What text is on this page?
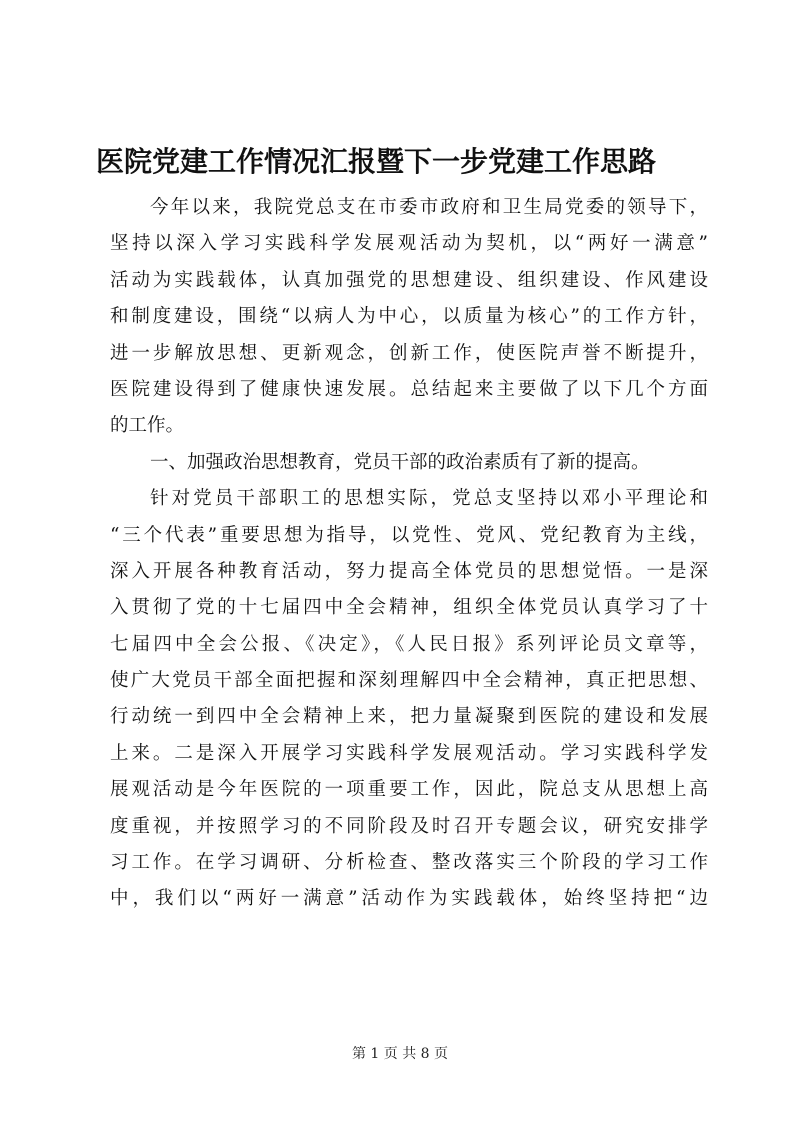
医院党建工作情况汇报暨下一步党建工作思路
今年以来，我院党总支在市委市政府和卫生局党委的领导下，
坚持以深入学习实践科学发展观活动为契机，以“两好一满意”
活动为实践载体，认真加强党的思想建设、组织建设、作风建设
和制度建设，围绕“以病人为中心，以质量为核心”的工作方针，
进一步解放思想、更新观念，创新工作，使医院声誉不断提升，
医院建设得到了健康快速发展。总结起来主要做了以下几个方面
的工作。
一、加强政治思想教育，党员干部的政治素质有了新的提高。
针对党员干部职工的思想实际，党总支坚持以邓小平理论和
“三个代表”重要思想为指导，以党性、党风、党纪教育为主线，
深入开展各种教育活动，努力提高全体党员的思想觉悟。一是深
入贯彻了党的十七届四中全会精神，组织全体党员认真学习了十
七届四中全会公报、《决定》，《人民日报》系列评论员文章等，
使广大党员干部全面把握和深刻理解四中全会精神，真正把思想、
行动统一到四中全会精神上来，把力量凝聚到医院的建设和发展
上来。二是深入开展学习实践科学发展观活动。学习实践科学发
展观活动是今年医院的一项重要工作，因此，院总支从思想上高
度重视，并按照学习的不同阶段及时召开专题会议，研究安排学
习工作。在学习调研、分析检查、整改落实三个阶段的学习工作
中，我们以“两好一满意”活动作为实践载体，始终坚持把“边
第 1 页 共 8 页
